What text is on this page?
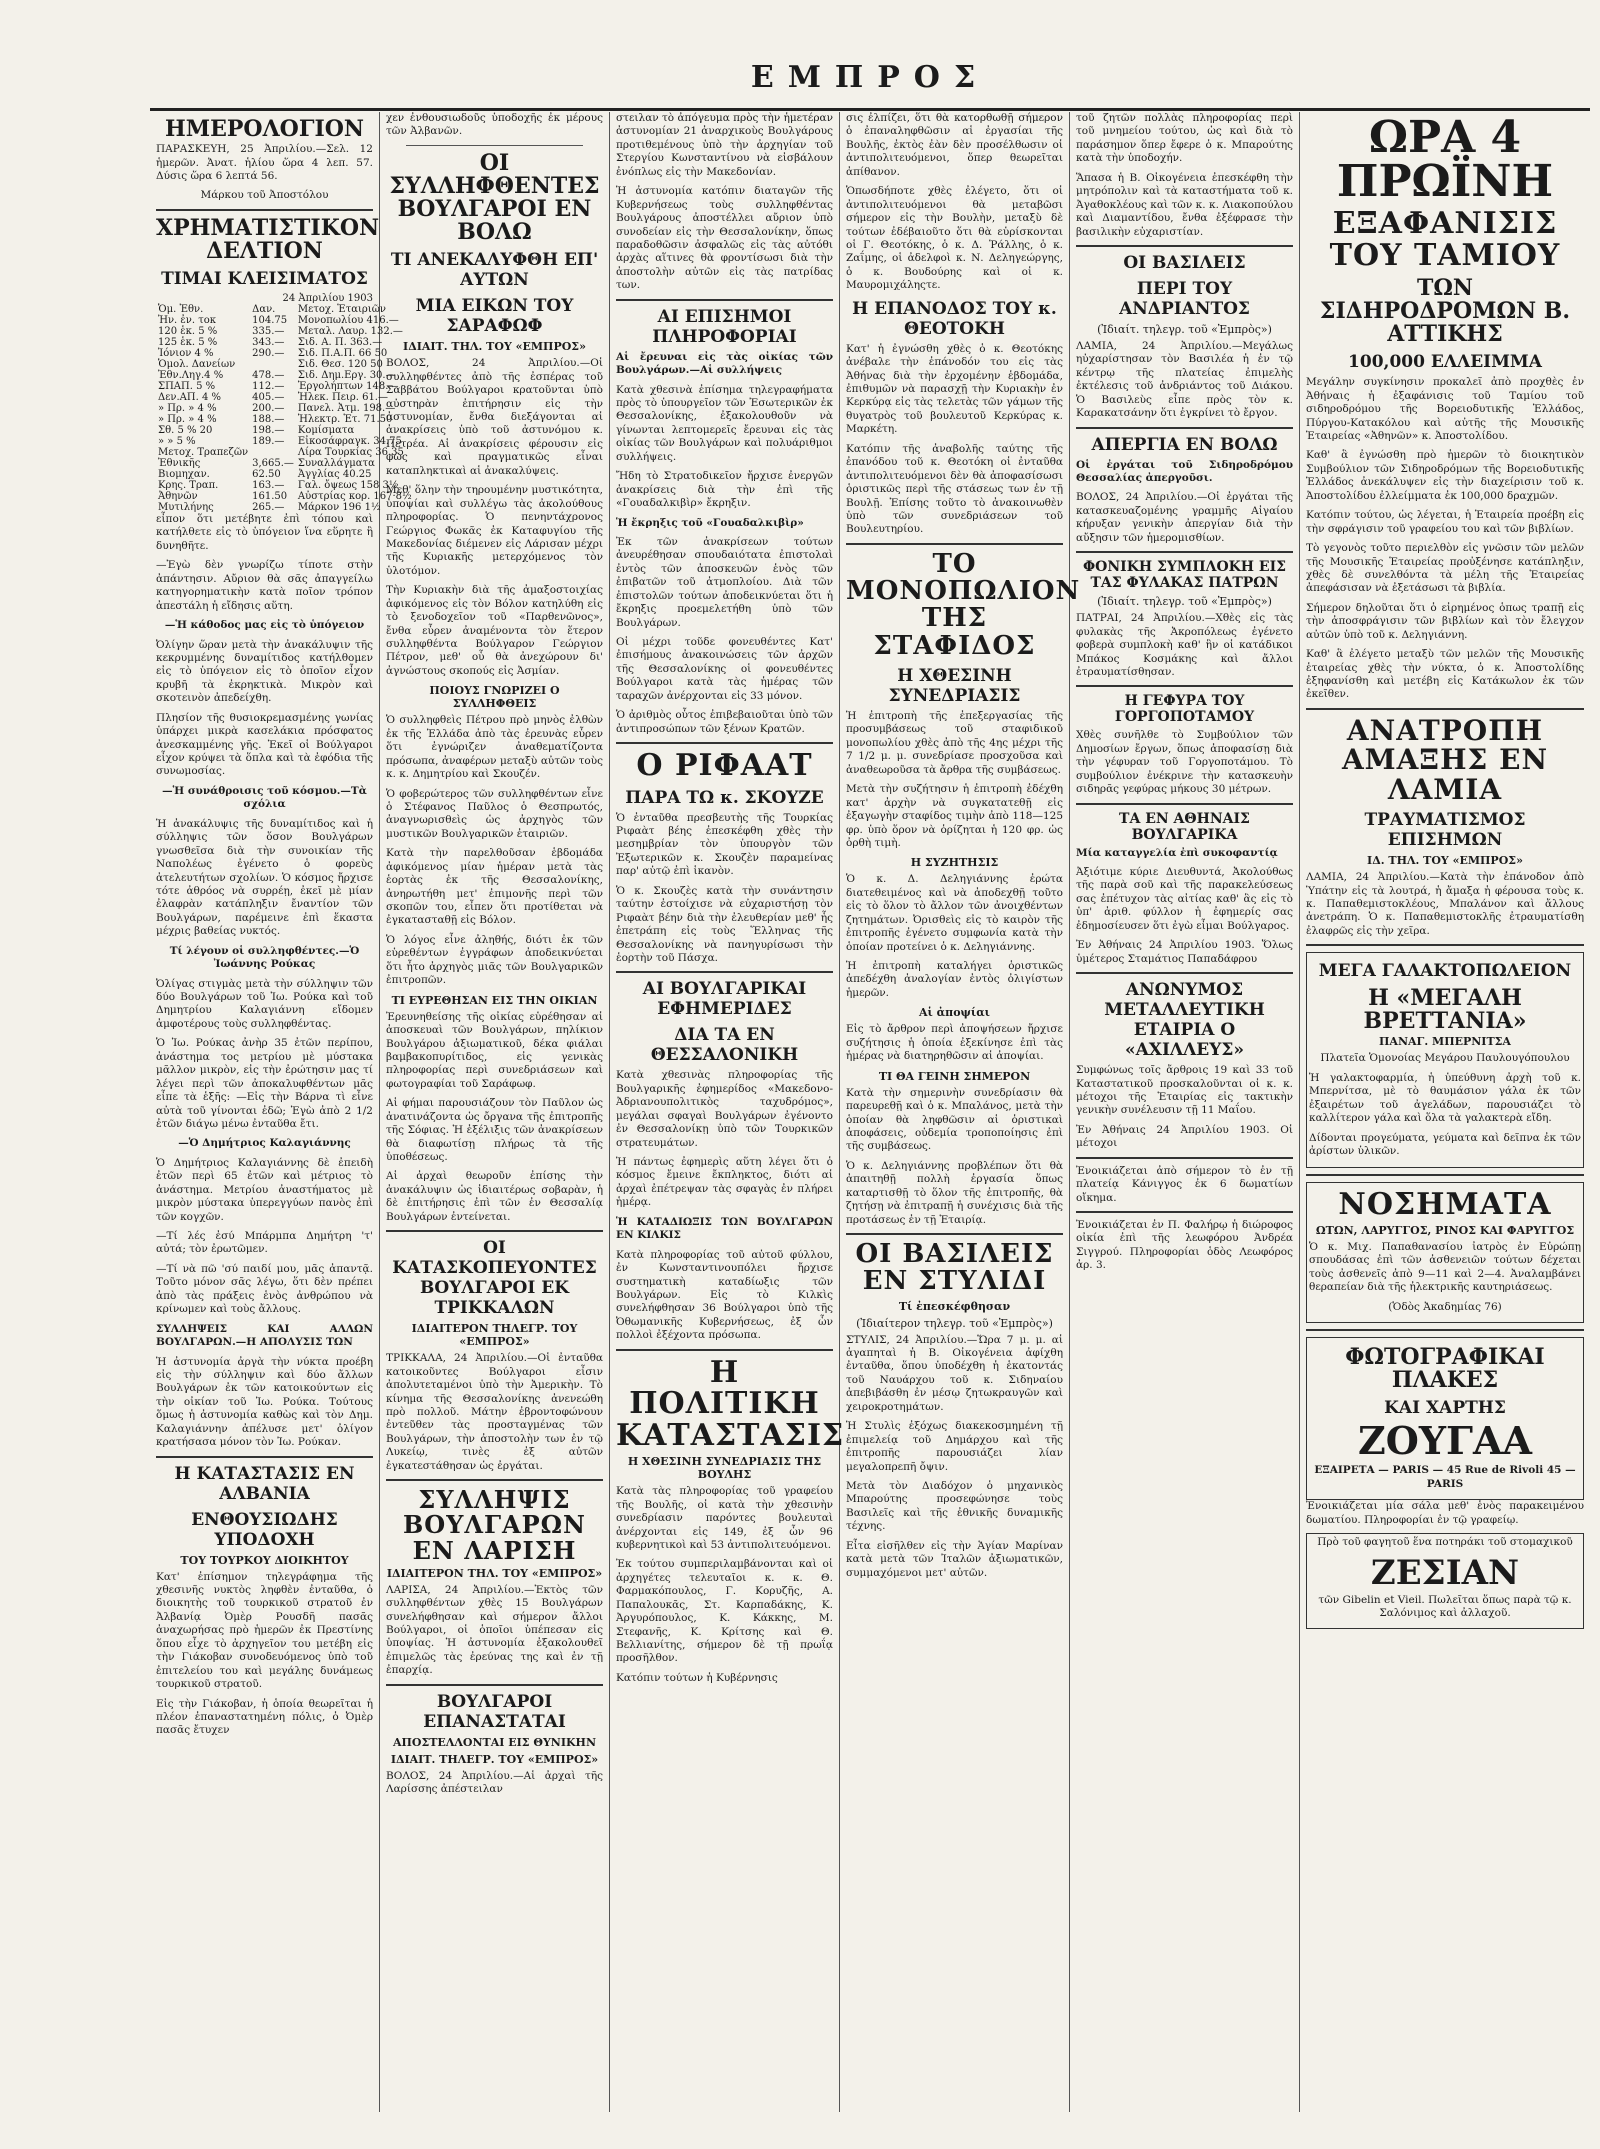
ΕΜΠΡΟΣ
ΗΜΕΡΟΛΟΓΙΟΝ

ΠΑΡΑΣΚΕΥΗ, 25 Ἀπριλίου.—Σελ. 12 ἡμερῶν. Ἀνατ. ἡλίου ὥρα 4 λεπ. 57. Δύσις ὥρα 6 λεπτά 56.

Μάρκου τοῦ Ἀποστόλου

ΧΡΗΜΑΤΙΣΤΙΚΟΝ ΔΕΛΤΙΟΝ
ΤΙΜΑΙ ΚΛΕΙΣΙΜΑΤΟΣ
24 Ἀπριλίου 1903
Ὁμ. Ἐθν.	Δαν.	Μετοχ. Ἑταιριῶν
Ἠν. ἐν. τοκ	104.75	Μονοπωλίου 416.—
120 ἑκ. 5 %	335.—	Μεταλ. Λαυρ. 132.—
125 ἑκ. 5 %	343.—	Σιδ. Α. Π. 363.—
Ἰόνιον 4 %	290.—	Σιδ. Π.Α.Π. 66 50
Ὁμολ. Δανείων		Σιδ. Θεσ. 120 50
Ἐθν.Ληγ.4 %	478.—	Σιδ. Δημ.Εργ. 30.—
ΣΠΑΠ. 5 %	112.—	Ἐργολήπτων 148.—
Δεν.ΑΠ. 4 %	405.—	Ἠλεκ. Πειρ. 61.—
» Πρ. » 4 %	200.—	Πανελ. Ἀτμ. 198.—
» Πρ. » 4 %	188.—	Ἠλεκτρ. Ἑτ. 71.50
Σθ. 5 % 20	198.—	Κομίσματα
» » 5 %	189.—	Εἰκοσάφραγκ. 34.75
Μετοχ. Τραπεζῶν		Λίρα Τουρκίας 36.35
Ἐθνικῆς	3,665.—	Συναλλάγματα
Βιομηχαν.	62.50	Ἀγγλίας 40.25
Κρης. Τραπ.	163.—	Γαλ. ὄψεως 158 3½
Ἀθηνῶν	161.50	Αὐστρίας κορ. 167·8½
Μυτιλήνης	265.—	Μάρκον 196 1½

εἶπον ὅτι μετέβητε ἐπὶ τόπου καὶ κατήλθετε εἰς τὸ ὑπόγειον ἵνα εὕρητε ἢ δυνηθῆτε.

—Ἐγὼ δὲν γνωρίζω τίποτε στὴν ἀπάντησιν. Αὔριον θὰ σᾶς ἀπαγγείλω κατηγορηματικὴν κατὰ ποῖον τρόπον ἀπεστάλη ἡ εἴδησις αὕτη.

—Ἡ κάθοδος μας εἰς τὸ ὑπόγειον

Ὀλίγην ὥραν μετὰ τὴν ἀνακάλυψιν τῆς κεκρυμμένης δυναμίτιδος κατήλθομεν εἰς τὸ ὑπόγειον εἰς τὸ ὁποῖον εἶχον κρυβῆ τὰ ἐκρηκτικὰ. Μικρὸν καὶ σκοτεινὸν ἀπεδείχθη.

Πλησίον τῆς θυσιοκρεμασμένης γωνίας ὑπάρχει μικρὰ κασελάκια πρόσφατος ἀνεσκαμμένης γῆς. Ἐκεῖ οἱ Βούλγαροι εἶχον κρύψει τὰ ὅπλα καὶ τὰ ἐφόδια τῆς συνωμοσίας.

—Ἡ συνάθροισις τοῦ κόσμου.—Τὰ σχόλια

Ἡ ἀνακάλυψις τῆς δυναμίτιδος καὶ ἡ σύλληψις τῶν ὅσον Βουλγάρων γνωσθεῖσα διὰ τὴν συνοικίαν τῆς Ναπολέως ἐγένετο ὁ φορεὺς ἀτελευτήτων σχολίων. Ὁ κόσμος ἤρχισε τότε ἀθρόος νὰ συρρέῃ, ἐκεῖ μὲ μίαν ἐλαφρὰν κατάπληξιν ἔναντίον τῶν Βουλγάρων, παρέμεινε ἐπὶ ἕκαστα μέχρις βαθείας νυκτός.

Τί λέγουν οἱ συλληφθέντες.—Ὁ Ἰωάννης Ρούκας

Ὀλίγας στιγμὰς μετὰ τὴν σύλληψιν τῶν δύο Βουλγάρων τοῦ Ἰω. Ρούκα καὶ τοῦ Δημητρίου Καλαγιάννη εἴδομεν ἀμφοτέρους τοὺς συλληφθέντας.

Ὁ Ἰω. Ρούκας ἀνὴρ 35 ἐτῶν περίπου, ἀνάστημα τος μετρίου μὲ μύστακα μᾶλλον μικρὸν, εἰς τὴν ἐρώτησιν μας τί λέγει περὶ τῶν ἀποκαλυφθέντων μᾶς εἶπε τὰ ἑξῆς: —Εἰς τὴν Βάρνα τὶ εἶνε αὐτὰ τοῦ γίνονται ἐδῶ; Ἐγὼ ἀπὸ 2 1/2 ἐτῶν διάγω μένω ἐνταῦθα ἔτι.

—Ὁ Δημήτριος Καλαγιάννης

Ὁ Δημήτριος Καλαγιάννης δὲ ἐπειδὴ ἐτῶν περὶ 65 ἐτῶν καὶ μέτριος τὸ ἀνάστημα. Μετρίου ἀναστήματος μὲ μικρὸν μύστακα ὑπερεγγύων πανὸς ἐπὶ τῶν κογχῶν.

—Τί λές ἐσύ Μπάρμπα Δημήτρη 'τ' αὐτά; τὸν ἐρωτῶμεν.

—Τί νὰ πῶ 'σύ παιδί μου, μᾶς ἀπαντᾷ. Τοῦτο μόνον σᾶς λέγω, ὅτι δὲν πρέπει ἀπὸ τὰς πράξεις ἑνὸς ἀνθρώπου νὰ κρίνωμεν καὶ τοὺς ἄλλους.

ΣΥΛΛΗΨΕΙΣ ΚΑΙ ΑΛΛΩΝ ΒΟΥΛΓΑΡΩΝ.—Η ΑΠΟΛΥΣΙΣ ΤΩΝ

Ἡ ἀστυνομία ἀργὰ τὴν νύκτα προέβη εἰς τὴν σύλληψιν καὶ δύο ἄλλων Βουλγάρων ἐκ τῶν κατοικούντων εἰς τὴν οἰκίαν τοῦ Ἰω. Ρούκα. Τούτους ὅμως ἡ ἀστυνομία καθὼς καὶ τὸν Δημ. Καλαγιάννην ἀπέλυσε μετ' ὀλίγον κρατήσασα μόνον τὸν Ἰω. Ρούκαν.

Η ΚΑΤΑΣΤΑΣΙΣ ΕΝ ΑΛΒΑΝΙΑ
ΕΝΘΟΥΣΙΩΔΗΣ ΥΠΟΔΟΧΗ
ΤΟΥ ΤΟΥΡΚΟΥ ΔΙΟΙΚΗΤΟΥ

Κατ' ἐπίσημον τηλεγράφημα τῆς χθεσινῆς νυκτὸς ληφθὲν ἐνταῦθα, ὁ διοικητὴς τοῦ τουρκικοῦ στρατοῦ ἐν Ἀλβανίᾳ Ὀμὲρ Ρουσδῆ πασᾶς ἀναχωρήσας πρὸ ἡμερῶν ἐκ Πρεστίνης ὅπου εἶχε τὸ ἀρχηγεῖον του μετέβη εἰς τὴν Γιάκοβαν συνοδευόμενος ὑπὸ τοῦ ἐπιτελείου του καὶ μεγάλης δυνάμεως τουρκικοῦ στρατοῦ.

Εἰς τὴν Γιάκοβαν, ἡ ὁποία θεωρεῖται ἡ πλέον ἐπαναστατημένη πόλις, ὁ Ὀμὲρ πασᾶς ἔτυχεν

χεν ἐνθουσιωδοῦς ὑποδοχῆς ἐκ μέρους τῶν Ἀλβανῶν.

ΟΙ ΣΥΛΛΗΦΘΕΝΤΕΣ ΒΟΥΛΓΑΡΟΙ ΕΝ ΒΟΛΩ
ΤΙ ΑΝΕΚΑΛΥΦΘΗ ΕΠ' ΑΥΤΩΝ
ΜΙΑ ΕΙΚΩΝ ΤΟΥ ΣΑΡΑΦΩΦ
ΙΔΙΑΙΤ. ΤΗΛ. ΤΟΥ «ΕΜΠΡΟΣ»

ΒΟΛΟΣ, 24 Ἀπριλίου.—Οἱ συλληφθέντες ἀπὸ τῆς ἐσπέρας τοῦ Σαββάτου Βούλγαροι κρατοῦνται ὑπὸ αὐστηρὰν ἐπιτήρησιν εἰς τὴν ἀστυνομίαν, ἔνθα διεξάγονται αἱ ἀνακρίσεις ὑπὸ τοῦ ἀστυνόμου κ. Πετρέα. Αἱ ἀνακρίσεις φέρουσιν εἰς φῶς καὶ πραγματικῶς εἶναι καταπληκτικαὶ αἱ ἀνακαλύψεις.

Μεθ' ὅλην τὴν τηρουμένην μυστικότητα, ὑποψίαι καὶ συλλέγω τὰς ἀκολούθους πληροφορίας. Ὁ πενηντάχρονος Γεώργιος Φωκᾶς ἐκ Καταφυγίου τῆς Μακεδονίας διέμενεν εἰς Λάρισαν μέχρι τῆς Κυριακῆς μετερχόμενος τὸν ὑλοτόμον.

Τὴν Κυριακὴν διὰ τῆς ἀμαξοστοιχίας ἀφικόμενος εἰς τὸν Βόλον κατηλύθη εἰς τὸ ξενοδοχεῖον τοῦ «Παρθενῶνος», ἔνθα εὗρεν ἀναμένοντα τὸν ἕτερον συλληφθέντα Βούλγαρον Γεώργιον Πέτρον, μεθ' οὗ θὰ ἀνεχώρουν δι' ἀγνώστους σκοπούς εἰς Ἀσμίαν.

ΠΟΙΟΥΣ ΓΝΩΡΙΖΕΙ Ο ΣΥΛΛΗΦΘΕΙΣ

Ὁ συλληφθεὶς Πέτρου πρὸ μηνὸς ἐλθὼν ἐκ τῆς Ἐλλάδα ἀπὸ τὰς ἐρευνὰς εὗρεν ὅτι ἐγνώριζεν ἀναθεματίζοντα πρόσωπα, ἀναφέρων μεταξὺ αὐτῶν τοὺς κ. κ. Δημητρίου καὶ Σκουζέν.

Ὁ φοβερώτερος τῶν συλληφθέντων εἶνε ὁ Στέφανος Παῦλος ὁ Θεσπρωτός, ἀναγνωρισθεὶς ὡς ἀρχηγὸς τῶν μυστικῶν Βουλγαρικῶν ἐταιριῶν.

Κατὰ τὴν παρελθοῦσαν ἑβδομάδα ἀφικόμενος μίαν ἡμέραν μετὰ τὰς ἑορτὰς ἐκ τῆς Θεσσαλονίκης, ἀνηρωτήθη μετ' ἐπιμονῆς περὶ τῶν σκοπῶν του, εἶπεν ὅτι προτίθεται νὰ ἐγκατασταθῇ εἰς Βόλον.

Ὁ λόγος εἶνε ἀληθής, διότι ἐκ τῶν εὑρεθέντων ἐγγράφων ἀποδεικνύεται ὅτι ἦτο ἀρχηγὸς μιᾶς τῶν Βουλγαρικῶν ἐπιτροπῶν.

ΤΙ ΕΥΡΕΘΗΣΑΝ ΕΙΣ ΤΗΝ ΟΙΚΙΑΝ

Ἐρευνηθείσης τῆς οἰκίας εὑρέθησαν αἱ ἀποσκευαὶ τῶν Βουλγάρων, πηλίκιον Βουλγάρου ἀξιωματικοῦ, δέκα φιάλαι βαμβακοπυρίτιδος, εἰς γενικὰς πληροφορίας περὶ συνεδριάσεων καὶ φωτογραφίαι τοῦ Σαράφωφ.

Αἱ φήμαι παρουσιάζουν τὸν Παῦλον ὡς ἀνατινάζοντα ὡς ὄργανα τῆς ἐπιτροπῆς τῆς Σόφιας. Ἡ ἐξέλιξις τῶν ἀνακρίσεων θὰ διαφωτίσῃ πλήρως τὰ τῆς ὑποθέσεως.

Αἱ ἀρχαὶ θεωροῦν ἐπίσης τὴν ἀνακάλυψιν ὡς ἰδιαιτέρως σοβαρὰν, ἡ δὲ ἐπιτήρησις ἐπὶ τῶν ἐν Θεσσαλίᾳ Βουλγάρων ἐντείνεται.

ΟΙ ΚΑΤΑΣΚΟΠΕΥΟΝΤΕΣ ΒΟΥΛΓΑΡΟΙ ΕΚ ΤΡΙΚΚΑΛΩΝ
ΙΔΙΑΙΤΕΡΟΝ ΤΗΛΕΓΡ. ΤΟΥ «ΕΜΠΡΟΣ»

ΤΡΙΚΚΑΛΑ, 24 Ἀπριλίου.—Οἱ ἐνταῦθα κατοικοῦντες Βούλγαροι εἶσιν ἀπολυτεταμένοι ὑπὸ τὴν Ἀμερικὴν. Τὸ κίνημα τῆς Θεσσαλονίκης ἀνενεώθη πρὸ πολλοῦ. Μάτην ἐβροντοφώνουν ἐντεῦθεν τὰς προσταγμένας τῶν Βουλγάρων, τὴν ἀποστολὴν των ἐν τῷ Λυκείῳ, τινὲς ἐξ αὐτῶν ἐγκατεστάθησαν ὡς ἐργάται.

ΣΥΛΛΗΨΙΣ ΒΟΥΛΓΑΡΩΝ ΕΝ ΛΑΡΙΣΗ
ΙΔΙΑΙΤΕΡΟΝ ΤΗΛ. ΤΟΥ «ΕΜΠΡΟΣ»

ΛΑΡΙΣΑ, 24 Ἀπριλίου.—Ἐκτὸς τῶν συλληφθέντων χθὲς 15 Βουλγάρων συνελήφθησαν καὶ σήμερον ἄλλοι Βούλγαροι, οἱ ὁποῖοι ὑπέπεσαν εἰς ὑποψίας. Ἡ ἀστυνομία ἐξακολουθεῖ ἐπιμελῶς τὰς ἐρεύνας της καὶ ἐν τῇ ἐπαρχίᾳ.

ΒΟΥΛΓΑΡΟΙ ΕΠΑΝΑΣΤΑΤΑΙ
ΑΠΟΣΤΕΛΛΟΝΤΑΙ ΕΙΣ ΘΥΝΙΚΗΝ
ΙΔΙΑΙΤ. ΤΗΛΕΓΡ. ΤΟΥ «ΕΜΠΡΟΣ»

ΒΟΛΟΣ, 24 Ἀπριλίου.—Αἱ ἀρχαὶ τῆς Λαρίσσης ἀπέστειλαν

στειλαν τὸ ἀπόγευμα πρὸς τὴν ἡμετέραν ἀστυνομίαν 21 ἀναρχικοὺς Βουλγάρους προτιθεμένους ὑπὸ τὴν ἀρχηγίαν τοῦ Στεργίου Κωνσταντίνου νὰ εἰσβάλουν ἐνόπλως εἰς τὴν Μακεδονίαν.

Ἡ ἀστυνομία κατόπιν διαταγῶν τῆς Κυβερνήσεως τοὺς συλληφθέντας Βουλγάρους ἀποστέλλει αὔριον ὑπὸ συνοδείαν εἰς τὴν Θεσσαλονίκην, ὅπως παραδοθῶσιν ἀσφαλῶς εἰς τὰς αὐτόθι ἀρχὰς αἵτινες θὰ φροντίσωσι διὰ τὴν ἀποστολὴν αὐτῶν εἰς τὰς πατρίδας των.

ΑΙ ΕΠΙΣΗΜΟΙ ΠΛΗΡΟΦΟΡΙΑΙ

Αἱ ἔρευναι εἰς τὰς οἰκίας τῶν Βουλγάρων.—Αἱ συλλήψεις

Κατὰ χθεσινὰ ἐπίσημα τηλεγραφήματα πρὸς τὸ ὑπουργεῖον τῶν Ἐσωτερικῶν ἐκ Θεσσαλονίκης, ἐξακολουθοῦν νὰ γίνωνται λεπτομερεῖς ἔρευναι εἰς τὰς οἰκίας τῶν Βουλγάρων καὶ πολυάριθμοι συλλήψεις.

Ἤδη τὸ Στρατοδικεῖον ἤρχισε ἐνεργῶν ἀνακρίσεις διὰ τὴν ἐπὶ τῆς «Γουαδαλκιβὶρ» ἔκρηξιν.

Ἡ ἔκρηξις τοῦ «Γουαδαλκιβὶρ»

Ἐκ τῶν ἀνακρίσεων τούτων ἀνευρέθησαν σπουδαιότατα ἐπιστολαὶ ἐντὸς τῶν ἀποσκευῶν ἑνὸς τῶν ἐπιβατῶν τοῦ ἀτμοπλοίου. Διὰ τῶν ἐπιστολῶν τούτων ἀποδεικνύεται ὅτι ἡ ἔκρηξις προεμελετήθη ὑπὸ τῶν Βουλγάρων.

Οἱ μέχρι τοῦδε φονευθέντες Κατ' ἐπισήμους ἀνακοινώσεις τῶν ἀρχῶν τῆς Θεσσαλονίκης οἱ φονευθέντες Βούλγαροι κατὰ τὰς ἡμέρας τῶν ταραχῶν ἀνέρχονται εἰς 33 μόνον.

Ὁ ἀριθμὸς οὗτος ἐπιβεβαιοῦται ὑπὸ τῶν ἀντιπροσώπων τῶν ξένων Κρατῶν.

Ο ΡΙΦΑΑΤ
ΠΑΡΑ ΤΩ κ. ΣΚΟΥΖΕ

Ὁ ἐνταῦθα πρεσβευτὴς τῆς Τουρκίας Ριφαὰτ βέης ἐπεσκέφθη χθὲς τὴν μεσημβρίαν τὸν ὑπουργὸν τῶν Ἐξωτερικῶν κ. Σκουζὲν παραμείνας παρ' αὐτῷ ἐπὶ ἱκανὸν.

Ὁ κ. Σκουζὲς κατὰ τὴν συνάντησιν ταύτην ἐστοίχισε νὰ εὐχαριστήσῃ τὸν Ριφαὰτ βέην διὰ τὴν ἐλευθερίαν μεθ' ἧς ἐπετράπη εἰς τοὺς Ἕλληνας τῆς Θεσσαλονίκης νὰ πανηγυρίσωσι τὴν ἑορτὴν τοῦ Πάσχα.

ΑΙ ΒΟΥΛΓΑΡΙΚΑΙ ΕΦΗΜΕΡΙΔΕΣ
ΔΙΑ ΤΑ ΕΝ ΘΕΣΣΑΛΟΝΙΚΗ

Κατὰ χθεσινὰς πληροφορίας τῆς Βουλγαρικῆς ἐφημερίδος «Μακεδονο-Ἀδριανουπολιτικὸς ταχυδρόμος», μεγάλαι σφαγαὶ Βουλγάρων ἐγένοντο ἐν Θεσσαλονίκῃ ὑπὸ τῶν Τουρκικῶν στρατευμάτων.

Ἡ πάντως ἐφημερὶς αὕτη λέγει ὅτι ὁ κόσμος ἔμεινε ἔκπληκτος, διότι αἱ ἀρχαὶ ἐπέτρεψαν τὰς σφαγὰς ἐν πλήρει ἡμέρᾳ.

Ἡ ΚΑΤΑΔΙΩΞΙΣ ΤΩΝ ΒΟΥΛΓΑΡΩΝ ΕΝ ΚΙΛΚΙΣ

Κατὰ πληροφορίας τοῦ αὐτοῦ φύλλου, ἐν Κωνσταντινουπόλει ἤρχισε συστηματικὴ καταδίωξις τῶν Βουλγάρων. Εἰς τὸ Κιλκὶς συνελήφθησαν 36 Βούλγαροι ὑπὸ τῆς Ὀθωμανικῆς Κυβερνήσεως, ἐξ ὧν πολλοὶ ἐξέχοντα πρόσωπα.

Η ΠΟΛΙΤΙΚΗ ΚΑΤΑΣΤΑΣΙΣ
Η ΧΘΕΣΙΝΗ ΣΥΝΕΔΡΙΑΣΙΣ ΤΗΣ ΒΟΥΛΗΣ

Κατὰ τὰς πληροφορίας τοῦ γραφείου τῆς Βουλῆς, οἱ κατὰ τὴν χθεσινὴν συνεδρίασιν παρόντες βουλευταὶ ἀνέρχονται εἰς 149, ἐξ ὧν 96 κυβερνητικοὶ καὶ 53 ἀντιπολιτευόμενοι.

Ἐκ τούτου συμπεριλαμβάνονται καὶ οἱ ἀρχηγέτες τελευταῖοι κ. κ. Θ. Φαρμακόπουλος, Γ. Κορυζῆς, Α. Παπαλουκᾶς, Στ. Καρπαδάκης, Κ. Ἀργυρόπουλος, Κ. Κάκκης, Μ. Στεφανῆς, Κ. Κρίτσης καὶ Θ. Βελλιανίτης, σήμερον δὲ τῇ πρωΐᾳ προσῆλθον.

Κατόπιν τούτων ἡ Κυβέρνησις

σις ἐλπίζει, ὅτι θὰ κατορθωθῇ σήμερον ὁ ἐπαναληφθῶσιν αἱ ἐργασίαι τῆς Βουλῆς, ἐκτὸς ἐὰν δὲν προσέλθωσιν οἱ ἀντιπολιτευόμενοι, ὅπερ θεωρεῖται ἀπίθανον.

Ὁπωσδήποτε χθὲς ἐλέγετο, ὅτι οἱ ἀντιπολιτευόμενοι θὰ μεταβῶσι σήμερον εἰς τὴν Βουλὴν, μεταξὺ δὲ τούτων ἐδέβαιοῦτο ὅτι θὰ εὑρίσκονται οἱ Γ. Θεοτόκης, ὁ κ. Δ. Ῥάλλης, ὁ κ. Ζαΐμης, οἱ ἀδελφοὶ κ. Ν. Δεληγεώργης, ὁ κ. Βουδούρης καὶ οἱ κ. Μαυρομιχάληςτε.

Η ΕΠΑΝΟΔΟΣ ΤΟΥ κ. ΘΕΟΤΟΚΗ

Κατ' ἡ ἐγνώσθη χθὲς ὁ κ. Θεοτόκης ἀνέβαλε τὴν ἐπάνοδόν του εἰς τὰς Ἀθήνας διὰ τὴν ἐρχομένην ἑβδομάδα, ἐπιθυμῶν νὰ παρασχῇ τὴν Κυριακὴν ἐν Κερκύρᾳ εἰς τὰς τελετὰς τῶν γάμων τῆς θυγατρὸς τοῦ βουλευτοῦ Κερκύρας κ. Μαρκέτη.

Κατόπιν τῆς ἀναβολῆς ταύτης τῆς ἐπανόδου τοῦ κ. Θεοτόκη οἱ ἐνταῦθα ἀντιπολιτευόμενοι δὲν θὰ ἀποφασίσωσι ὁριστικῶς περὶ τῆς στάσεως των ἐν τῇ Βουλῇ. Ἐπίσης τοῦτο τὸ ἀνακοινωθὲν ὑπὸ τῶν συνεδριάσεων τοῦ Βουλευτηρίου.

ΤΟ ΜΟΝΟΠΩΛΙΟΝ ΤΗΣ ΣΤΑΦΙΔΟΣ
Η ΧΘΕΣΙΝΗ ΣΥΝΕΔΡΙΑΣΙΣ

Ἡ ἐπιτροπὴ τῆς ἐπεξεργασίας τῆς προσυμβάσεως τοῦ σταφιδικοῦ μονοπωλίου χθὲς ἀπὸ τῆς 4ης μέχρι τῆς 7 1/2 μ. μ. συνεδρίασε προσχοῦσα καὶ ἀναθεωροῦσα τὰ ἄρθρα τῆς συμβάσεως.

Μετὰ τὴν συζήτησιν ἡ ἐπιτροπὴ ἐδέχθη κατ' ἀρχὴν νὰ συγκατατεθῇ εἰς ἐξαγωγὴν σταφίδος τιμὴν ἀπὸ 118—125 φρ. ὑπὸ ὅρον νὰ ὁρίζηται ἡ 120 φρ. ὡς ὀρθὴ τιμὴ.

Η ΣΥΖΗΤΗΣΙΣ

Ὁ κ. Δ. Δεληγιάννης ἐρώτα διατεθειμένος καὶ νὰ ἀποδεχθῇ τοῦτο εἰς τὸ ὅλον τὸ ἄλλον τῶν ἀνοιχθέντων ζητημάτων. Ὀρισθεὶς εἰς τὸ καιρὸν τῆς ἐπιτροπῆς ἐγένετο συμφωνία κατὰ τὴν ὁποίαν προτείνει ὁ κ. Δεληγιάννης.

Ἡ ἐπιτροπὴ καταλήγει ὁριστικῶς ἀπεδέχθη ἀναλογίαν ἐντὸς ὀλιγίστων ἡμερῶν.

Αἱ ἀποψίαι

Εἰς τὸ ἄρθρον περὶ ἀποψήσεων ἤρχισε συζήτησις ἡ ὁποία ἐξεκίνησε ἐπὶ τὰς ἡμέρας νὰ διατηρηθῶσιν αἱ ἀποψίαι.

ΤΙ ΘΑ ΓΕΙΝΗ ΣΗΜΕΡΟΝ

Κατὰ τὴν σημερινὴν συνεδρίασιν θὰ παρευρεθῇ καὶ ὁ κ. Μπαλάνος, μετὰ τὴν ὁποίαν θὰ ληφθῶσιν αἱ ὁριστικαὶ ἀποφάσεις, οὐδεμία τροποποίησις ἐπὶ τῆς συμβάσεως.

Ὁ κ. Δεληγιάννης προβλέπων ὅτι θὰ ἀπαιτηθῇ πολλὴ ἐργασία ὅπως καταρτισθῇ τὸ ὅλον τῆς ἐπιτροπῆς, θὰ ζητήσῃ νὰ ἐπιτραπῇ ἡ συνέχισις διὰ τῆς προτάσεως ἐν τῇ Ἑταιρίᾳ.

ΟΙ ΒΑΣΙΛΕΙΣ ΕΝ ΣΤΥΛΙΔΙ
Τί ἐπεσκέφθησαν
(Ἰδιαίτερον τηλεγρ. τοῦ «Ἐμπρὸς»)

ΣΤΥΛΙΣ, 24 Ἀπριλίου.—Ὥρα 7 μ. μ. αἱ ἀγαπηταὶ ἡ Β. Οἰκογένεια ἀφίχθη ἐνταῦθα, ὅπου ὑποδέχθη ἡ ἑκατοντάς τοῦ Ναυάρχου τοῦ κ. Σιδηναίου ἀπεβιβάσθη ἐν μέσῳ ζητωκραυγῶν καὶ χειροκροτημάτων.

Ἡ Στυλὶς ἐξόχως διακεκοσμημένη τῇ ἐπιμελείᾳ τοῦ Δημάρχου καὶ τῆς ἐπιτροπῆς παρουσιάζει λίαν μεγαλοπρεπῆ ὄψιν.

Μετὰ τὸν Διαδόχον ὁ μηχανικὸς Μπαρούτης προσεφώνησε τοὺς Βασιλεῖς καὶ τῆς ἐθνικῆς δυναμικῆς τέχνης.

Εἶτα εἰσῆλθεν εἰς τὴν Ἁγίαν Μαρίναν κατὰ μετὰ τῶν Ἰταλῶν ἀξιωματικῶν, συμμαχόμενοι μετ' αὐτῶν.

τοῦ ζητῶν πολλὰς πληροφορίας περὶ τοῦ μνημείου τούτου, ὡς καὶ διὰ τὸ παράσημον ὅπερ ἔφερε ὁ κ. Μπαρούτης κατὰ τὴν ὑποδοχήν.

Ἅπασα ἡ Β. Οἰκογένεια ἐπεσκέφθη τὴν μητρόπολιν καὶ τὰ καταστήματα τοῦ κ. Ἀγαθοκλέους καὶ τῶν κ. κ. Λιακοπούλου καὶ Διαμαντίδου, ἔνθα ἐξέφρασε τὴν βασιλικὴν εὐχαριστίαν.

ΟΙ ΒΑΣΙΛΕΙΣ
ΠΕΡΙ ΤΟΥ ΑΝΔΡΙΑΝΤΟΣ
(Ἰδιαίτ. τηλεγρ. τοῦ «Ἐμπρὸς»)

ΛΑΜΙΑ, 24 Ἀπριλίου.—Μεγάλως ηὐχαρίστησαν τὸν Βασιλέα ἡ ἐν τῷ κέντρῳ τῆς πλατείας ἐπιμελὴς ἐκτέλεσις τοῦ ἀνδριάντος τοῦ Διάκου. Ὁ Βασιλεὺς εἶπε πρὸς τὸν κ. Καρακατσάνην ὅτι ἐγκρίνει τὸ ἔργον.

ΑΠΕΡΓΙΑ ΕΝ ΒΟΛΩ

Οἱ ἐργάται τοῦ Σιδηροδρόμου Θεσσαλίας ἀπεργοῦσι.

ΒΟΛΟΣ, 24 Ἀπριλίου.—Οἱ ἐργάται τῆς κατασκευαζομένης γραμμῆς Αἰγαίου κήρυξαν γενικὴν ἀπεργίαν διὰ τὴν αὔξησιν τῶν ἡμερομισθίων.

ΦΟΝΙΚΗ ΣΥΜΠΛΟΚΗ ΕΙΣ ΤΑΣ ΦΥΛΑΚΑΣ ΠΑΤΡΩΝ
(Ἰδιαίτ. τηλεγρ. τοῦ «Ἐμπρὸς»)

ΠΑΤΡΑΙ, 24 Ἀπριλίου.—Χθὲς εἰς τὰς φυλακὰς τῆς Ἀκροπόλεως ἐγένετο φοβερὰ συμπλοκὴ καθ' ἣν οἱ κατάδικοι Μπάκος Κοσμάκης καὶ ἄλλοι ἐτραυματίσθησαν.

Η ΓΕΦΥΡΑ ΤΟΥ ΓΟΡΓΟΠΟΤΑΜΟΥ

Χθὲς συνῆλθε τὸ Συμβούλιον τῶν Δημοσίων ἔργων, ὅπως ἀποφασίσῃ διὰ τὴν γέφυραν τοῦ Γοργοποτάμου. Τὸ συμβούλιον ἐνέκρινε τὴν κατασκευὴν σιδηρᾶς γεφύρας μήκους 30 μέτρων.

ΤΑ ΕΝ ΑΘΗΝΑΙΣ ΒΟΥΛΓΑΡΙΚΑ

Μία καταγγελία ἐπὶ συκοφαντίᾳ

Ἀξιότιμε κύριε Διευθυντά, Ἀκολούθως τῆς παρὰ σοῦ καὶ τῆς παρακελεύσεως σας ἐπέτυχον τὰς αἰτίας καθ' ἃς εἰς τὸ ὑπ' ἀριθ. φύλλον ἡ ἐφημερίς σας ἐδημοσίευσεν ὅτι ἐγὼ εἶμαι Βούλγαρος.

Ἐν Ἀθήναις 24 Ἀπριλίου 1903. Ὅλως ὑμέτερος Σταμάτιος Παπαδάφρου

ΑΝΩΝΥΜΟΣ ΜΕΤΑΛΛΕΥΤΙΚΗ ΕΤΑΙΡΙΑ Ο «ΑΧΙΛΛΕΥΣ»

Συμφώνως τοῖς ἄρθροις 19 καὶ 33 τοῦ Καταστατικοῦ προσκαλοῦνται οἱ κ. κ. μέτοχοι τῆς Ἑταιρίας εἰς τακτικὴν γενικὴν συνέλευσιν τῇ 11 Μαΐου.

Ἐν Ἀθήναις 24 Ἀπριλίου 1903. Οἱ μέτοχοι

Ἐνοικιάζεται ἀπὸ σήμερον τὸ ἐν τῇ πλατείᾳ Κάνιγγος ἐκ 6 δωματίων οἴκημα.

Ἐνοικιάζεται ἐν Π. Φαλήρῳ ἡ διώροφος οἰκία ἐπὶ τῆς λεωφόρου Ἀνδρέα Σιγγρού. Πληροφορίαι ὁδὸς Λεωφόρος ἀρ. 3.

ΩΡΑ 4 ΠΡΩΪΝΗ
ΕΞΑΦΑΝΙΣΙΣ ΤΟΥ ΤΑΜΙΟΥ
ΤΩΝ ΣΙΔΗΡΟΔΡΟΜΩΝ Β. ΑΤΤΙΚΗΣ
100,000 ΕΛΛΕΙΜΜΑ

Μεγάλην συγκίνησιν προκαλεῖ ἀπὸ προχθὲς ἐν Ἀθήναις ἡ ἐξαφάνισις τοῦ Ταμίου τοῦ σιδηροδρόμου τῆς Βορειοδυτικῆς Ἑλλάδος, Πύργου-Κατακόλου καὶ αὐτῆς τῆς Μουσικῆς Ἑταιρείας «Ἀθηνῶν» κ. Ἀποστολίδου.

Καθ' ἃ ἐγνώσθη πρὸ ἡμερῶν τὸ διοικητικὸν Συμβούλιον τῶν Σιδηροδρόμων τῆς Βορειοδυτικῆς Ἑλλάδος ἀνεκάλυψεν εἰς τὴν διαχείρισιν τοῦ κ. Ἀποστολίδου ἐλλείμματα ἐκ 100,000 δραχμῶν.

Κατόπιν τούτου, ὡς λέγεται, ἡ Ἑταιρεία προέβη εἰς τὴν σφράγισιν τοῦ γραφείου του καὶ τῶν βιβλίων.

Τὸ γεγονὸς τοῦτο περιελθὸν εἰς γνῶσιν τῶν μελῶν τῆς Μουσικῆς Ἑταιρείας προὐξένησε κατάπληξιν, χθὲς δὲ συνελθόντα τὰ μέλη τῆς Ἑταιρείας ἀπεφάσισαν νὰ ἐξετάσωσι τὰ βιβλία.

Σήμερον δηλοῦται ὅτι ὁ εἰρημένος ὁπως τραπῇ εἰς τὴν ἀποσφράγισιν τῶν βιβλίων καὶ τὸν ἔλεγχον αὐτῶν ὑπὸ τοῦ κ. Δεληγιάννη.

Καθ' ἃ ἐλέγετο μεταξὺ τῶν μελῶν τῆς Μουσικῆς ἑταιρείας χθὲς τὴν νύκτα, ὁ κ. Ἀποστολίδης ἐξηφανίσθη καὶ μετέβη εἰς Κατάκωλον ἐκ τῶν ἐκεῖθεν.

ΑΝΑΤΡΟΠΗ ΑΜΑΞΗΣ ΕΝ ΛΑΜΙΑ
ΤΡΑΥΜΑΤΙΣΜΟΣ ΕΠΙΣΗΜΩΝ
ΙΔ. ΤΗΛ. ΤΟΥ «ΕΜΠΡΟΣ»

ΛΑΜΙΑ, 24 Ἀπριλίου.—Κατὰ τὴν ἐπάνοδον ἀπὸ Ὑπάτην εἰς τὰ λουτρά, ἡ ἄμαξα ἡ φέρουσα τοὺς κ. κ. Παπαθεμιστοκλέους, Μπαλάνον καὶ ἄλλους ἀνετράπη. Ὁ κ. Παπαθεμιστοκλῆς ἐτραυματίσθη ἐλαφρῶς εἰς τὴν χεῖρα.

ΜΕΓΑ ΓΑΛΑΚΤΟΠΩΛΕΙΟΝ
Η «ΜΕΓΑΛΗ ΒΡΕΤΤΑΝΙΑ»
ΠΑΝΑΓ. ΜΠΕΡΝΙΤΣΑ

Πλατεῖα Ὁμονοίας Μεγάρου Παυλουγόπουλου

Ἡ γαλακτοφαρμία, ἡ ὑπεύθυνη ἀρχὴ τοῦ κ. Μπερνίτσα, μὲ τὸ θαυμάσιον γάλα ἐκ τῶν ἐξαιρέτων τοῦ ἀγελάδων, παρουσιάζει τὸ καλλίτερον γάλα καὶ ὅλα τὰ γαλακτερὰ εἴδη.

Δίδονται προγεύματα, γεύματα καὶ δεῖπνα ἐκ τῶν ἀρίστων ὑλικῶν.

ΝΟΣΗΜΑΤΑ
ΩΤΩΝ, ΛΑΡΥΓΓΟΣ, ΡΙΝΟΣ ΚΑΙ ΦΑΡΥΓΓΟΣ

Ὁ κ. Μιχ. Παπαθανασίου ἰατρὸς ἐν Εὐρώπῃ σπουδάσας ἐπὶ τῶν ἀσθενειῶν τούτων δέχεται τοὺς ἀσθενεῖς ἀπὸ 9—11 καὶ 2—4. Ἀναλαμβάνει θεραπείαν διὰ τῆς ἠλεκτρικῆς καυτηριάσεως.

(Ὁδὸς Ἀκαδημίας 76)

ΦΩΤΟΓΡΑΦΙΚΑΙ ΠΛΑΚΕΣ
ΚΑΙ ΧΑΡΤΗΣ
ΖΟΥΓΑΑ

ΕΞΑΙΡΕΤΑ — PARIS — 45 Rue de Rivoli 45 — PARIS

Ἐνοικιάζεται μία σάλα μεθ' ἑνὸς παρακειμένου δωματίου. Πληροφορίαι ἐν τῷ γραφείῳ.

Πρὸ τοῦ φαγητοῦ ἕνα ποτηράκι τοῦ στομαχικοῦ

ΖΕΣΙΑΝ

τῶν Gibelin et Vieil. Πωλεῖται ὅπως παρὰ τῷ κ. Σαλόνιμος καὶ ἀλλαχοῦ.
